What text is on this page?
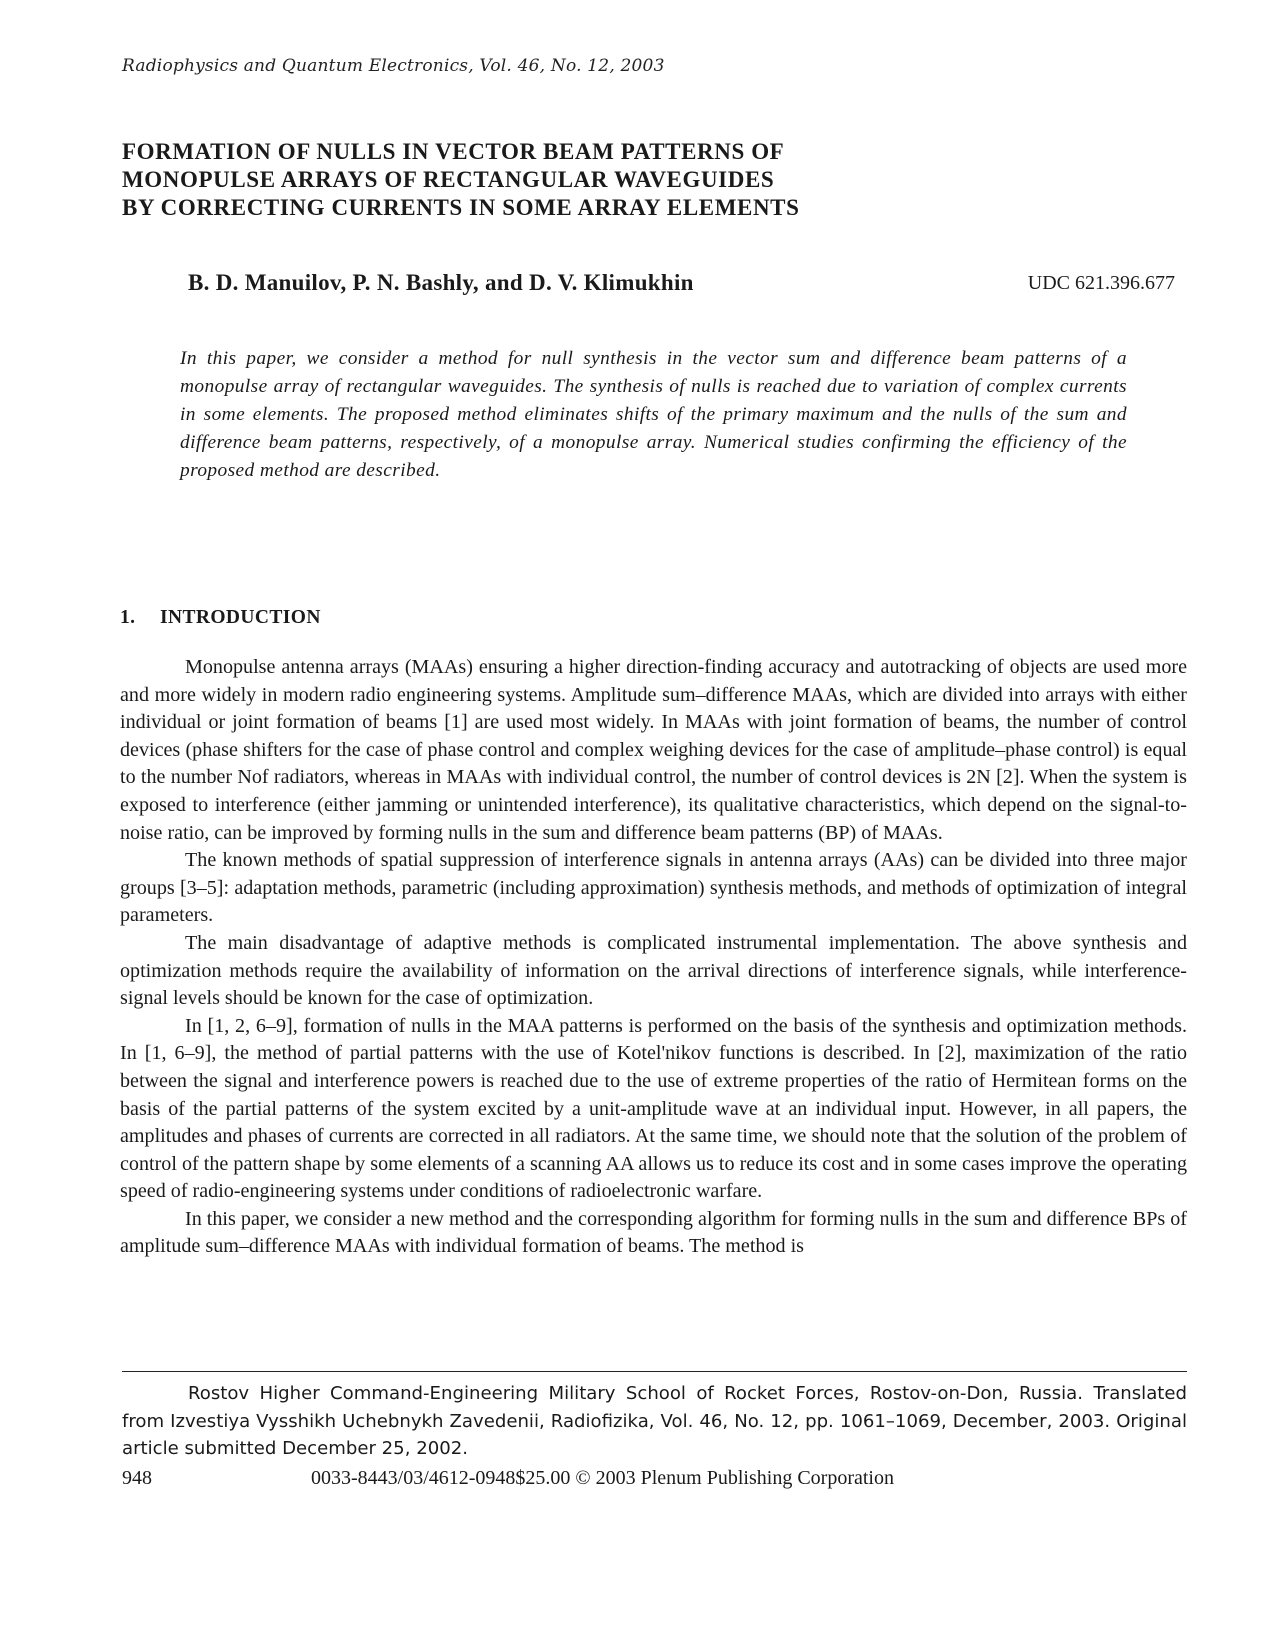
Radiophysics and Quantum Electronics, Vol. 46, No. 12, 2003
FORMATION OF NULLS IN VECTOR BEAM PATTERNS OF
MONOPULSE ARRAYS OF RECTANGULAR WAVEGUIDES
BY CORRECTING CURRENTS IN SOME ARRAY ELEMENTS
B. D. Manuilov, P. N. Bashly, and D. V. Klimukhin	UDC 621.396.677
In this paper, we consider a method for null synthesis in the vector sum and difference beam patterns of a monopulse array of rectangular waveguides. The synthesis of nulls is reached due to variation of complex currents in some elements. The proposed method eliminates shifts of the primary maximum and the nulls of the sum and difference beam patterns, respectively, of a monopulse array. Numerical studies confirming the efficiency of the proposed method are described.
1. INTRODUCTION

Monopulse antenna arrays (MAAs) ensuring a higher direction-finding accuracy and autotracking of objects are used more and more widely in modern radio engineering systems. Amplitude sum–difference MAAs, which are divided into arrays with either individual or joint formation of beams [1] are used most widely. In MAAs with joint formation of beams, the number of control devices (phase shifters for the case of phase control and complex weighing devices for the case of amplitude–phase control) is equal to the number Nof radiators, whereas in MAAs with individual control, the number of control devices is 2N [2]. When the system is exposed to interference (either jamming or unintended interference), its qualitative characteristics, which depend on the signal-to-noise ratio, can be improved by forming nulls in the sum and difference beam patterns (BP) of MAAs.

The known methods of spatial suppression of interference signals in antenna arrays (AAs) can be divided into three major groups [3–5]: adaptation methods, parametric (including approximation) synthesis methods, and methods of optimization of integral parameters.

The main disadvantage of adaptive methods is complicated instrumental implementation. The above synthesis and optimization methods require the availability of information on the arrival directions of interference signals, while interference-signal levels should be known for the case of optimization.

In [1, 2, 6–9], formation of nulls in the MAA patterns is performed on the basis of the synthesis and optimization methods. In [1, 6–9], the method of partial patterns with the use of Kotel'nikov functions is described. In [2], maximization of the ratio between the signal and interference powers is reached due to the use of extreme properties of the ratio of Hermitean forms on the basis of the partial patterns of the system excited by a unit-amplitude wave at an individual input. However, in all papers, the amplitudes and phases of currents are corrected in all radiators. At the same time, we should note that the solution of the problem of control of the pattern shape by some elements of a scanning AA allows us to reduce its cost and in some cases improve the operating speed of radio-engineering systems under conditions of radioelectronic warfare.

In this paper, we consider a new method and the corresponding algorithm for forming nulls in the sum and difference BPs of amplitude sum–difference MAAs with individual formation of beams. The method is

Rostov Higher Command-Engineering Military School of Rocket Forces, Rostov-on-Don, Russia. Translated from Izvestiya Vysshikh Uchebnykh Zavedenii, Radiofizika, Vol. 46, No. 12, pp. 1061–1069, December, 2003. Original article submitted December 25, 2002.

948	0033-8443/03/4612-0948$25.00 © 2003 Plenum Publishing Corporation
